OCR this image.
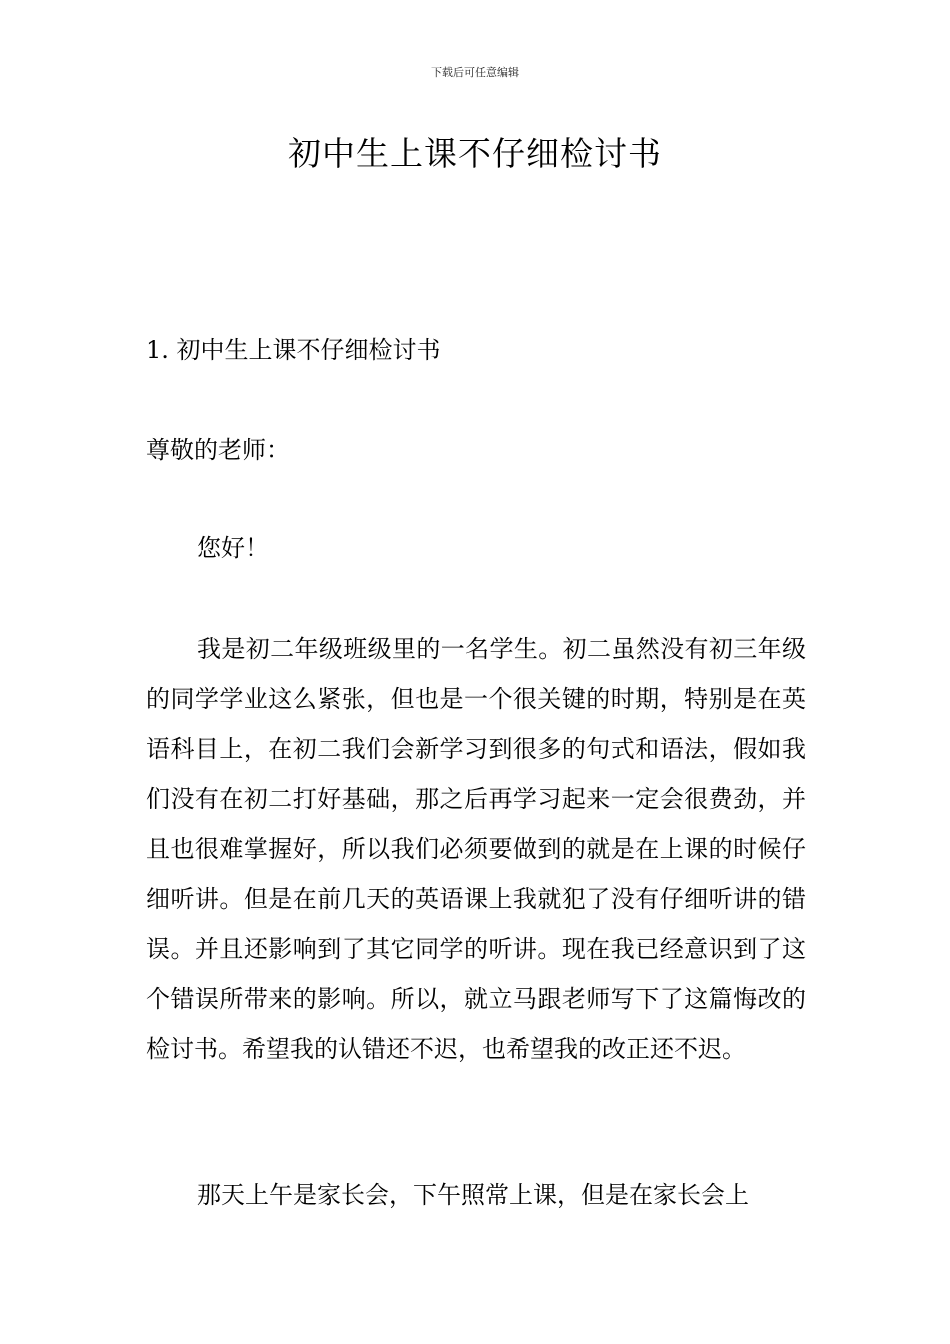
下载后可任意编辑
初中生上课不仔细检讨书

1. 初中生上课不仔细检讨书

尊敬的老师：

您好！

我是初二年级班级里的一名学生。初二虽然没有初三年级的同学学业这么紧张，但也是一个很关键的时期，特别是在英语科目上，在初二我们会新学习到很多的句式和语法，假如我们没有在初二打好基础，那之后再学习起来一定会很费劲，并且也很难掌握好，所以我们必须要做到的就是在上课的时候仔细听讲。但是在前几天的英语课上我就犯了没有仔细听讲的错误。并且还影响到了其它同学的听讲。现在我已经意识到了这个错误所带来的影响。所以，就立马跟老师写下了这篇悔改的检讨书。希望我的认错还不迟，也希望我的改正还不迟。

那天上午是家长会，下午照常上课，但是在家长会上
